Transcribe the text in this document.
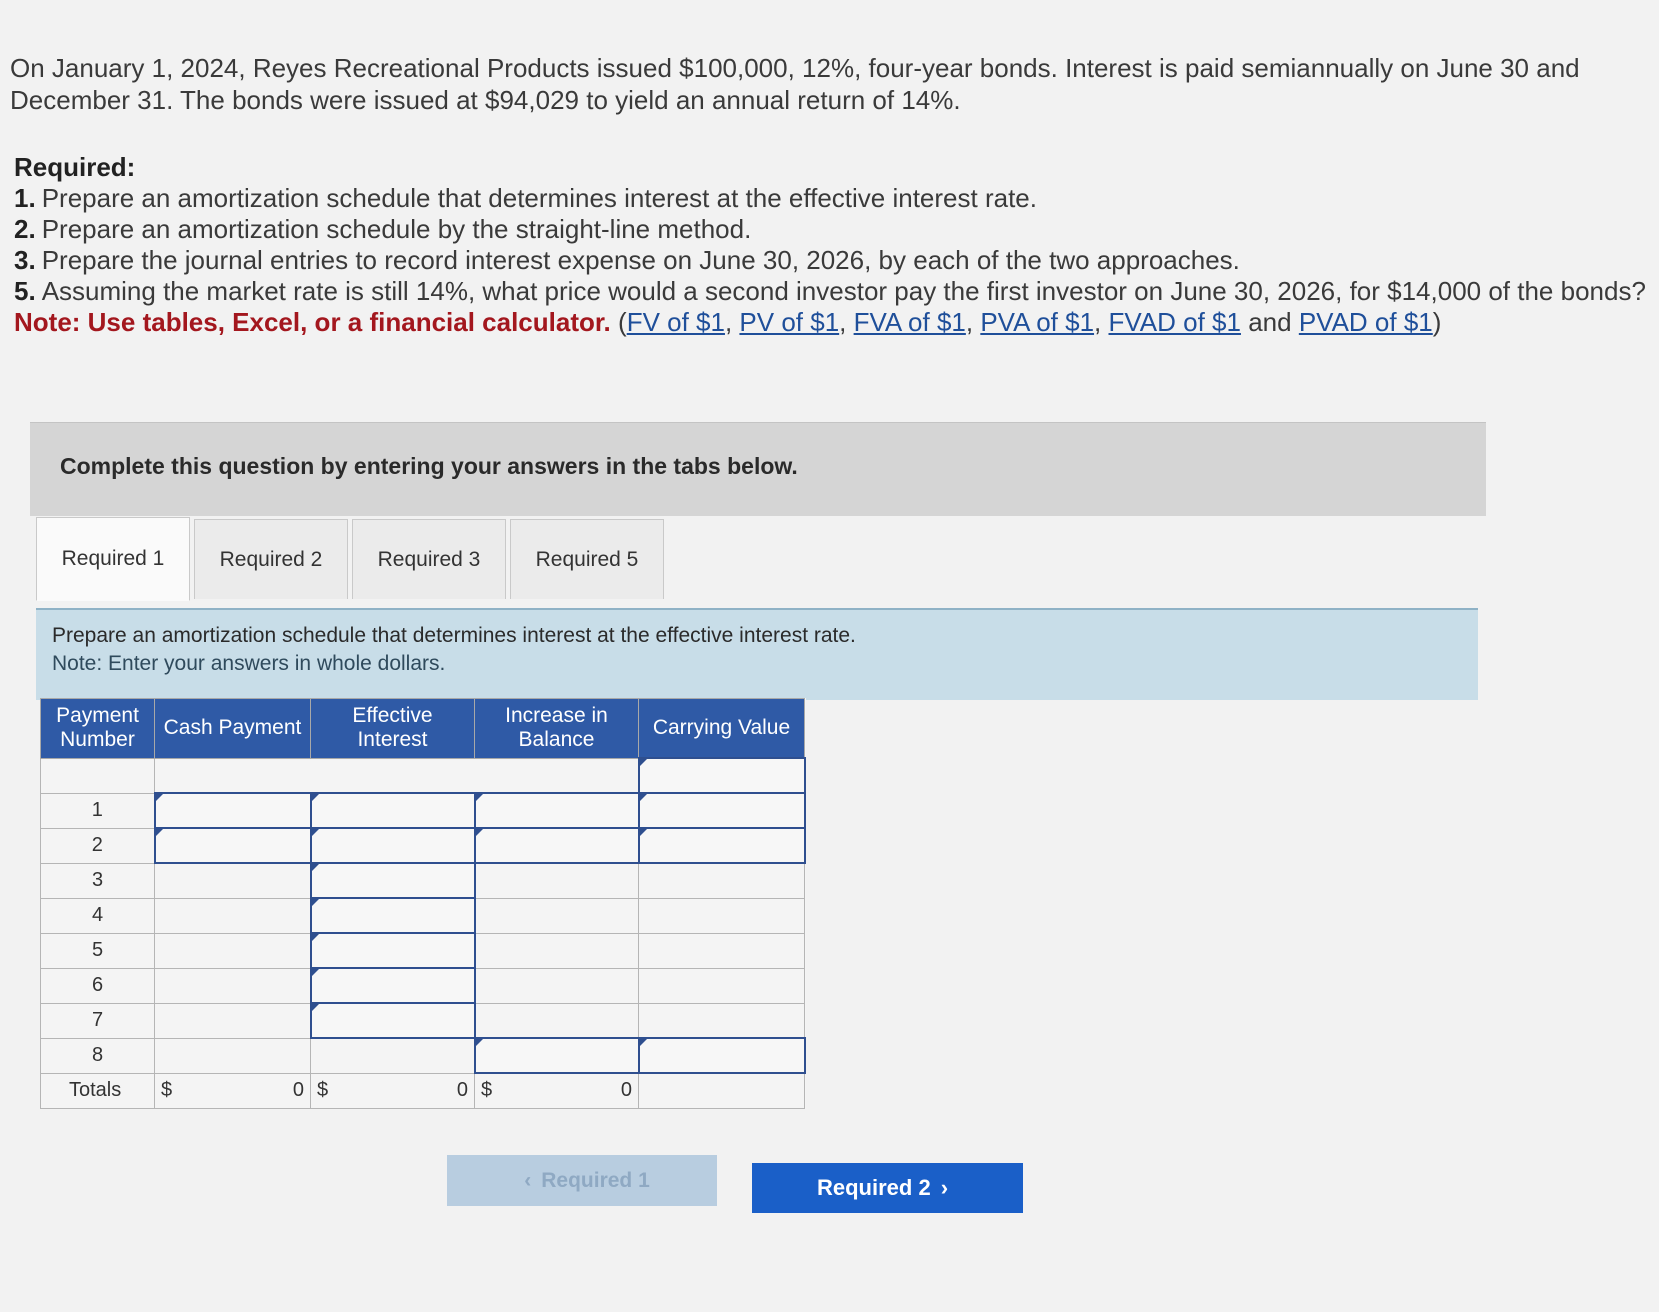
On January 1, 2024, Reyes Recreational Products issued $100,000, 12%, four-year bonds. Interest is paid semiannually on June 30 and December 31. The bonds were issued at $94,029 to yield an annual return of 14%.
Required:
1. Prepare an amortization schedule that determines interest at the effective interest rate.
2. Prepare an amortization schedule by the straight-line method.
3. Prepare the journal entries to record interest expense on June 30, 2026, by each of the two approaches.
5. Assuming the market rate is still 14%, what price would a second investor pay the first investor on June 30, 2026, for $14,000 of the bonds?
Note: Use tables, Excel, or a financial calculator. (FV of $1, PV of $1, FVA of $1, PVA of $1, FVAD of $1 and PVAD of $1)
Complete this question by entering your answers in the tabs below.
Required 1	Required 2	Required 3	Required 5
Prepare an amortization schedule that determines interest at the effective interest rate.
Note: Enter your answers in whole dollars.
Payment Number	Cash Payment	Effective Interest	Increase in Balance	Carrying Value

1				
2				
3				
4				
5				
6				
7				
8				
Totals	$ 0	$ 0	$ 0	

‹ Required 1	Required 2 ›
